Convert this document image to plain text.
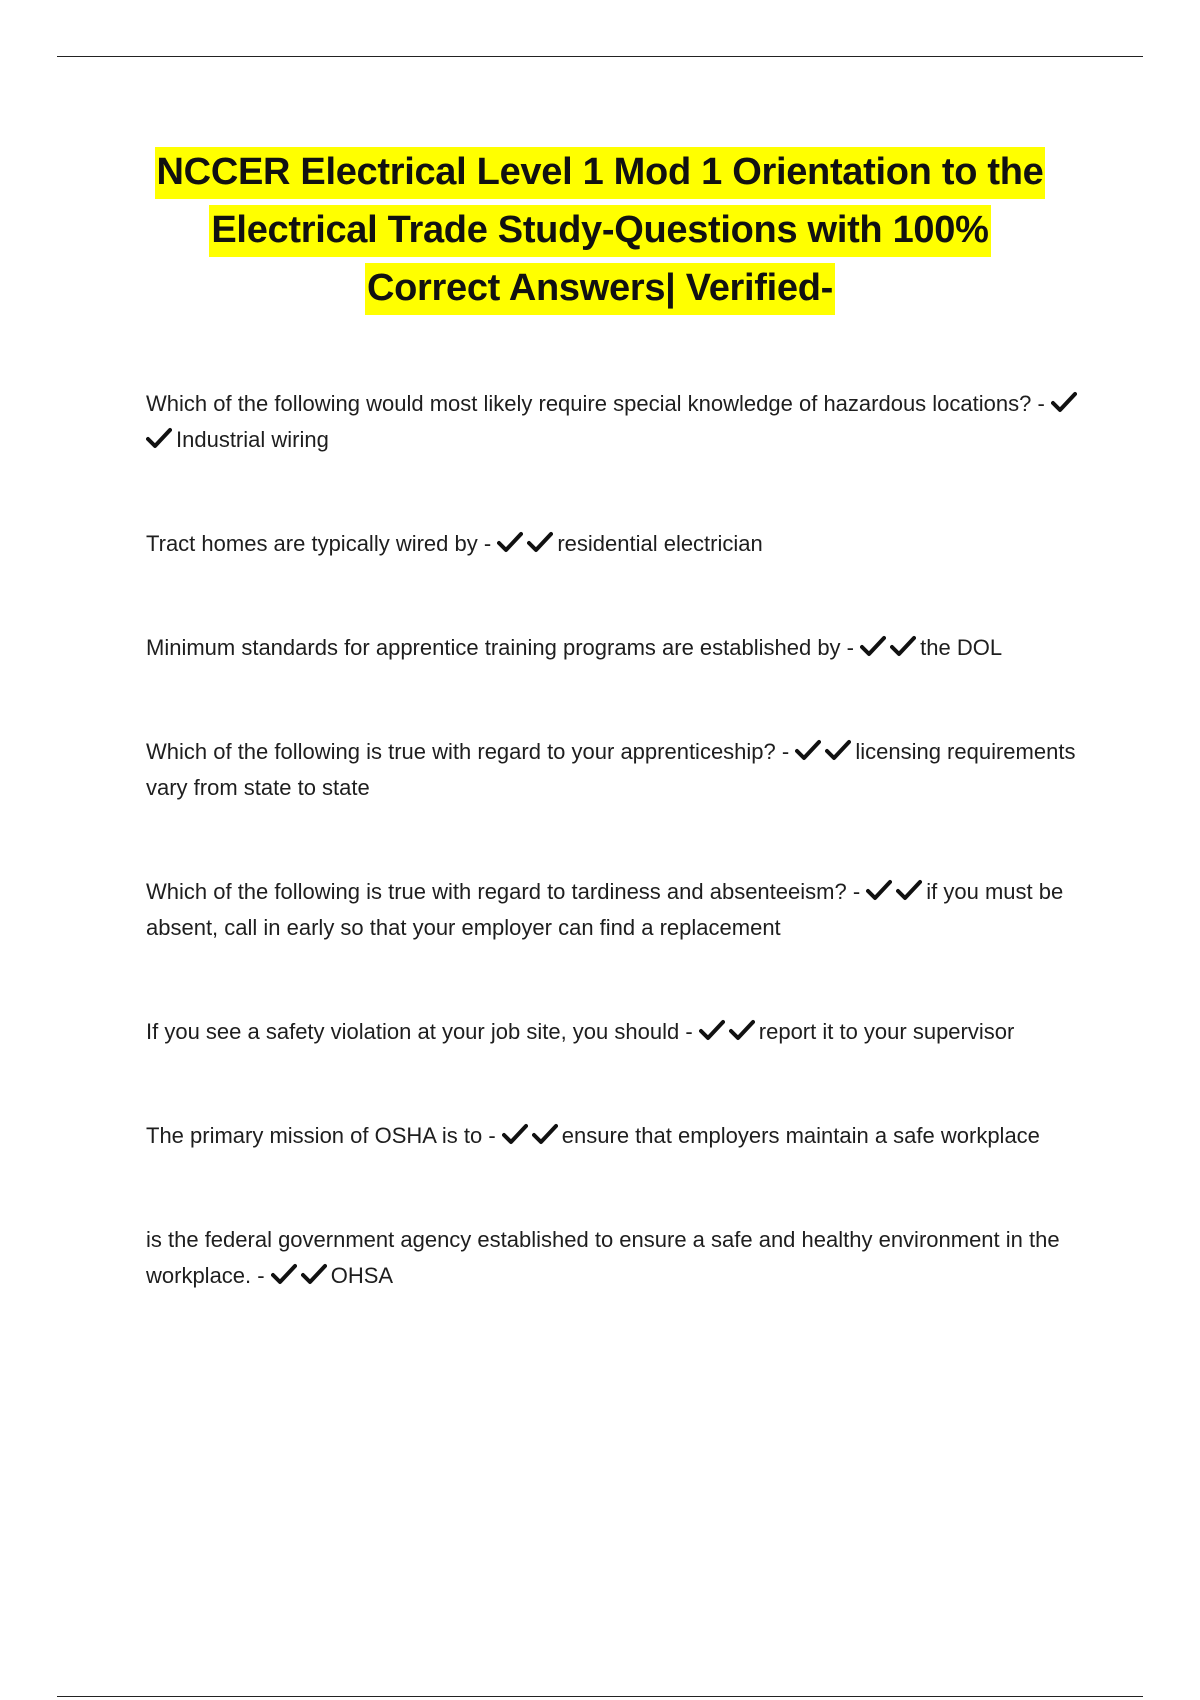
NCCER Electrical Level 1 Mod 1 Orientation to the
Electrical Trade Study-Questions with 100%
Correct Answers| Verified-

Which of the following would most likely require special knowledge of hazardous locations? -
Industrial wiring

Tract homes are typically wired by -	residential electrician

Minimum standards for apprentice training programs are established by -	the DOL

Which of the following is true with regard to your apprenticeship? -	licensing requirements vary from state to state

Which of the following is true with regard to tardiness and absenteeism? -	if you must be absent, call in early so that your employer can find a replacement

If you see a safety violation at your job site, you should -	report it to your supervisor

The primary mission of OSHA is to -	ensure that employers maintain a safe workplace

is the federal government agency established to ensure a safe and healthy environment in the workplace. -	OHSA
